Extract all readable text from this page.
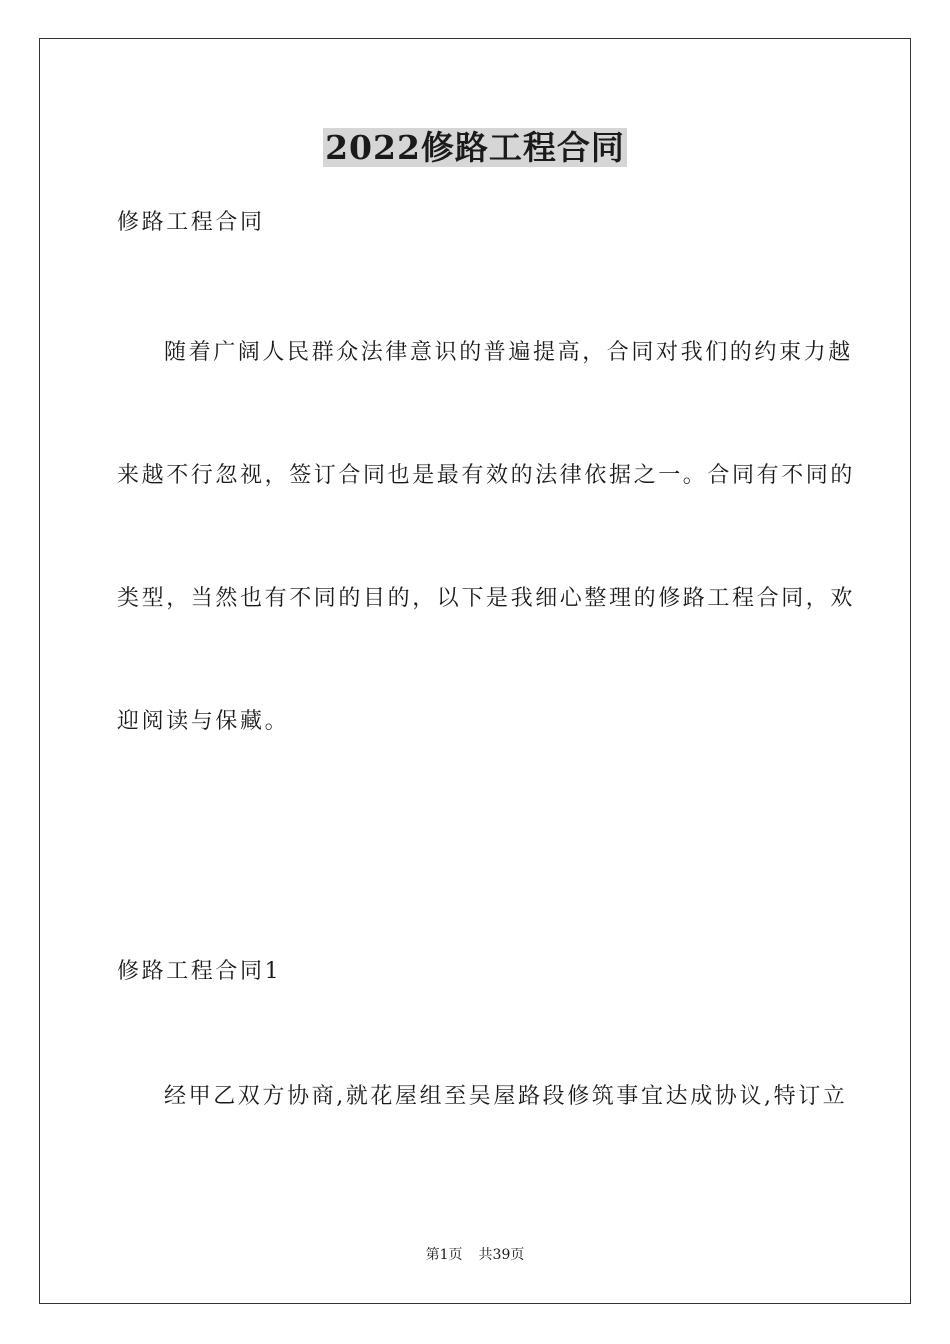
2022修路工程合同
修路工程合同
随着广阔人民群众法律意识的普遍提高，合同对我们的约束力越
来越不行忽视，签订合同也是最有效的法律依据之一。合同有不同的
类型，当然也有不同的目的，以下是我细心整理的修路工程合同，欢
迎阅读与保藏。
修路工程合同1
经甲乙双方协商,就花屋组至吴屋路段修筑事宜达成协议,特订立
第1页 共39页
